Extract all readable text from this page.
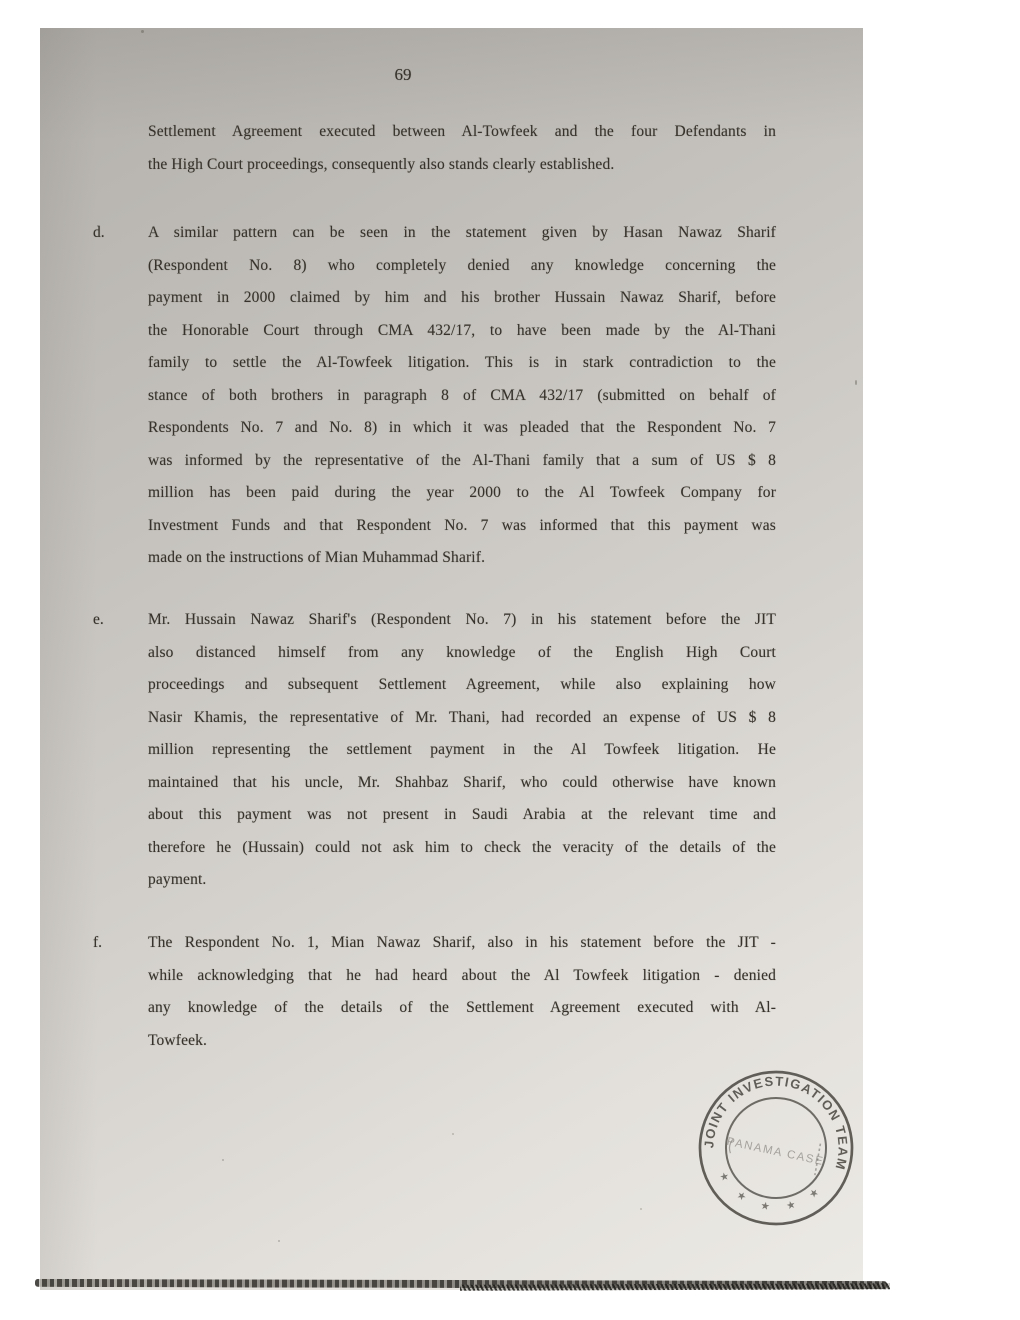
69
Settlement Agreement executed between Al-Towfeek and the four Defendants in
the High Court proceedings, consequently also stands clearly established.
d.	A similar pattern can be seen in the statement given by Hasan Nawaz Sharif
(Respondent No. 8) who completely denied any knowledge concerning the
payment in 2000 claimed by him and his brother Hussain Nawaz Sharif, before
the Honorable Court through CMA 432/17, to have been made by the Al-Thani
family to settle the Al-Towfeek litigation. This is in stark contradiction to the
stance of both brothers in paragraph 8 of CMA 432/17 (submitted on behalf of
Respondents No. 7 and No. 8) in which it was pleaded that the Respondent No. 7
was informed by the representative of the Al-Thani family that a sum of US $ 8
million has been paid during the year 2000 to the Al Towfeek Company for
Investment Funds and that Respondent No. 7 was informed that this payment was
made on the instructions of Mian Muhammad Sharif.
e.	Mr. Hussain Nawaz Sharif's (Respondent No. 7) in his statement before the JIT
also distanced himself from any knowledge of the English High Court
proceedings and subsequent Settlement Agreement, while also explaining how
Nasir Khamis, the representative of Mr. Thani, had recorded an expense of US $ 8
million representing the settlement payment in the Al Towfeek litigation. He
maintained that his uncle, Mr. Shahbaz Sharif, who could otherwise have known
about this payment was not present in Saudi Arabia at the relevant time and
therefore he (Hussain) could not ask him to check the veracity of the details of the
payment.
f.	The Respondent No. 1, Mian Nawaz Sharif, also in his statement before the JIT -
while acknowledging that he had heard about the Al Towfeek litigation - denied
any knowledge of the details of the Settlement Agreement executed with Al-
Towfeek.
JOINT INVESTIGATION TEAM
★ ★ ★ ★ ★
PANAMA CASE
